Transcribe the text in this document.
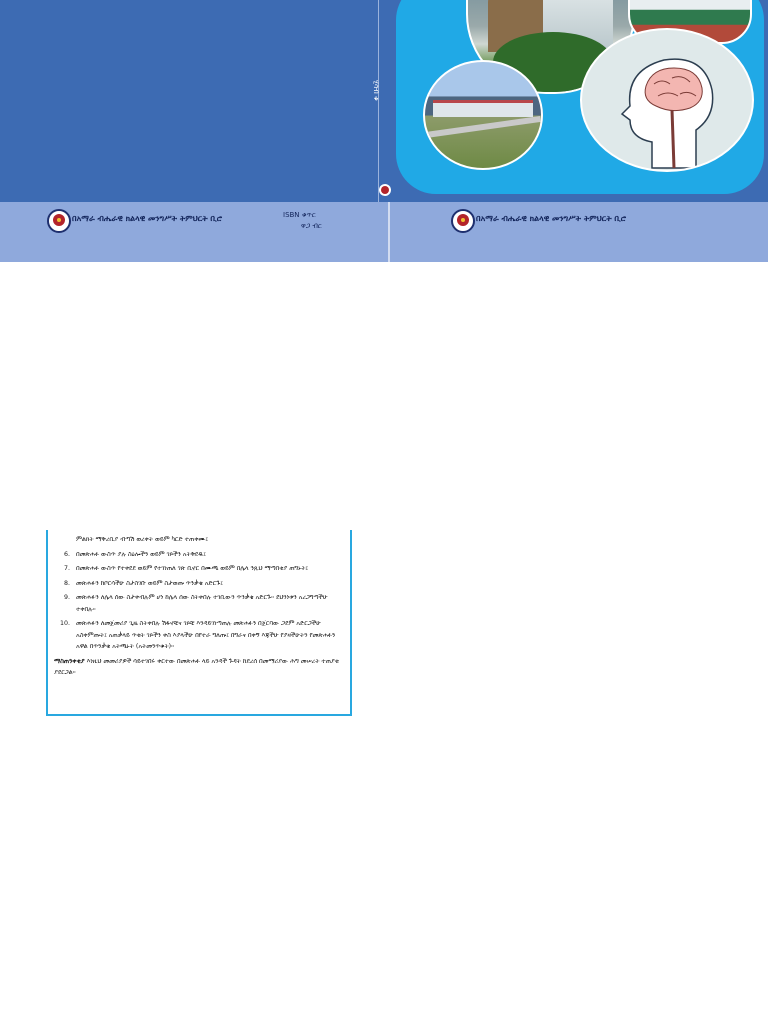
ሂሳብ ቁ
በአማራ ብሔራዊ ክልላዊ መንግሥት ትምህርት ቢሮ	ISBN ቁጥር
ዋጋ ብር
በአማራ ብሔራዊ ክልላዊ መንግሥት ትምህርት ቢሮ
ምልክት ማቅረቢያ ብጣሽ ወረቀት ወይም ካርድ ተጠቀሙ፤
6. በመጽሐፉ ውስጥ ያሉ ስዕሎችን ወይም ገጾችን አትቅደዱ፤
7. በመጽሐፉ ውስጥ የተቀደደ ወይም የተገነጠለ ገጽ ቢኖር በሙጫ ወይም በሌላ ንጹህ ማጣበቂያ ጠግኑት፤
8. መጽሐፉን ከቦርሳችሁ ስታስገቡ ወይም ስታወጡ ጥንቃቄ አድርጉ፤
9. መጽሐፉን ለሌላ ሰው ስታቀብሉም ሆነ ከሌላ ሰው ስትቀበሉ ተገቢውን ጥንቃቄ አድርጉ። ደህንነቱን አረጋግጣችሁ ተቀበሉ።
10. መጽሐፉን ለመጀመሪያ ጊዜ ስትቀበሉ ሽፋኖቹና ገጾቹ እንዳይገነጣጠሉ መጽሐፉን በጀርባው ጋደም አድርጋችሁ አስቀምጡት፤ አጠቃላይ ጥቂት ገጾችን ቀስ እያላችሁ በየተራ ግለጡ፤ በግራና በቀኝ እጃችሁ የያዛችሁትን የመጽሐፉን አዋል በጥንቃቄ አትጫኑት (አትመንጥቁት)።
ማስጠንቀቂያ እነዚህ መመሪያዎች ሳይተገበሩ ቀርተው በመጽሐፉ ላይ አንዳች ጉዳት ከደረሰ በመማሪያው ሕግ መሠረት ተጠያቂ ያደርጋል።
